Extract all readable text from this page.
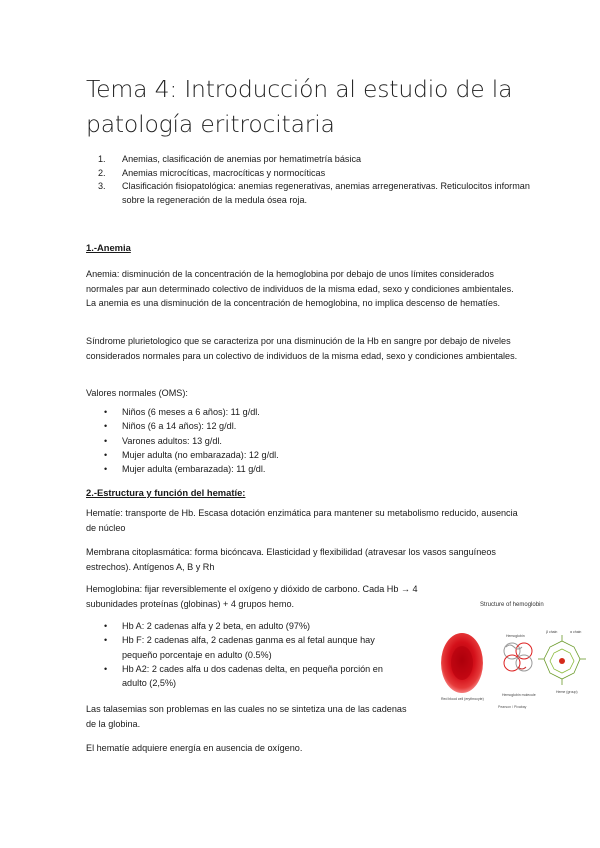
Tema 4: Introducción al estudio de la patología eritrocitaria
1. Anemias, clasificación de anemias por hematimetría básica
2. Anemias microcíticas, macrocíticas y normocíticas
3. Clasificación fisiopatológica: anemias regenerativas, anemias arregenerativas. Reticulocitos informan sobre la regeneración de la medula ósea roja.
1.-Anemia

Anemia: disminución de la concentración de la hemoglobina por debajo de unos límites considerados normales par aun determinado colectivo de individuos de la misma edad, sexo y condiciones ambientales. La anemia es una disminución de la concentración de hemoglobina, no implica descenso de hematíes.

Síndrome plurietologico que se caracteriza por una disminución de la Hb en sangre por debajo de niveles considerados normales para un colectivo de individuos de la misma edad, sexo y condiciones ambientales.

Valores normales (OMS):

• Niños (6 meses a 6 años): 11 g/dl.
• Niños (6 a 14 años): 12 g/dl.
• Varones adultos: 13 g/dl.
• Mujer adulta (no embarazada): 12 g/dl.
• Mujer adulta (embarazada): 11 g/dl.
2.-Estructura y función del hematíe:

Hematíe: transporte de Hb. Escasa dotación enzimática para mantener su metabolismo reducido, ausencia de núcleo

Membrana citoplasmática: forma bicóncava. Elasticidad y flexibilidad (atravesar los vasos sanguíneos estrechos). Antígenos A, B y Rh

Hemoglobina: fijar reversiblemente el oxígeno y dióxido de carbono. Cada Hb → 4 subunidades proteínas (globinas) + 4 grupos hemo.

• Hb A: 2 cadenas alfa y 2 beta, en adulto (97%)
• Hb F: 2 cadenas alfa, 2 cadenas ganma es al fetal aunque hay pequeño porcentaje en adulto (0.5%)
• Hb A2: 2 cades alfa u dos cadenas delta, en pequeña porción en adulto (2,5%)

Las talasemias son problemas en las cuales no se sintetiza una de las cadenas de la globina.

El hematíe adquiere energía en ausencia de oxígeno.

Structure of hemoglobin
Red blood cell (erythrocyte)
Hemoglobin
Hemoglobin molecule
β chain	α chain
Heme (group)
Pearson / Pixabay
